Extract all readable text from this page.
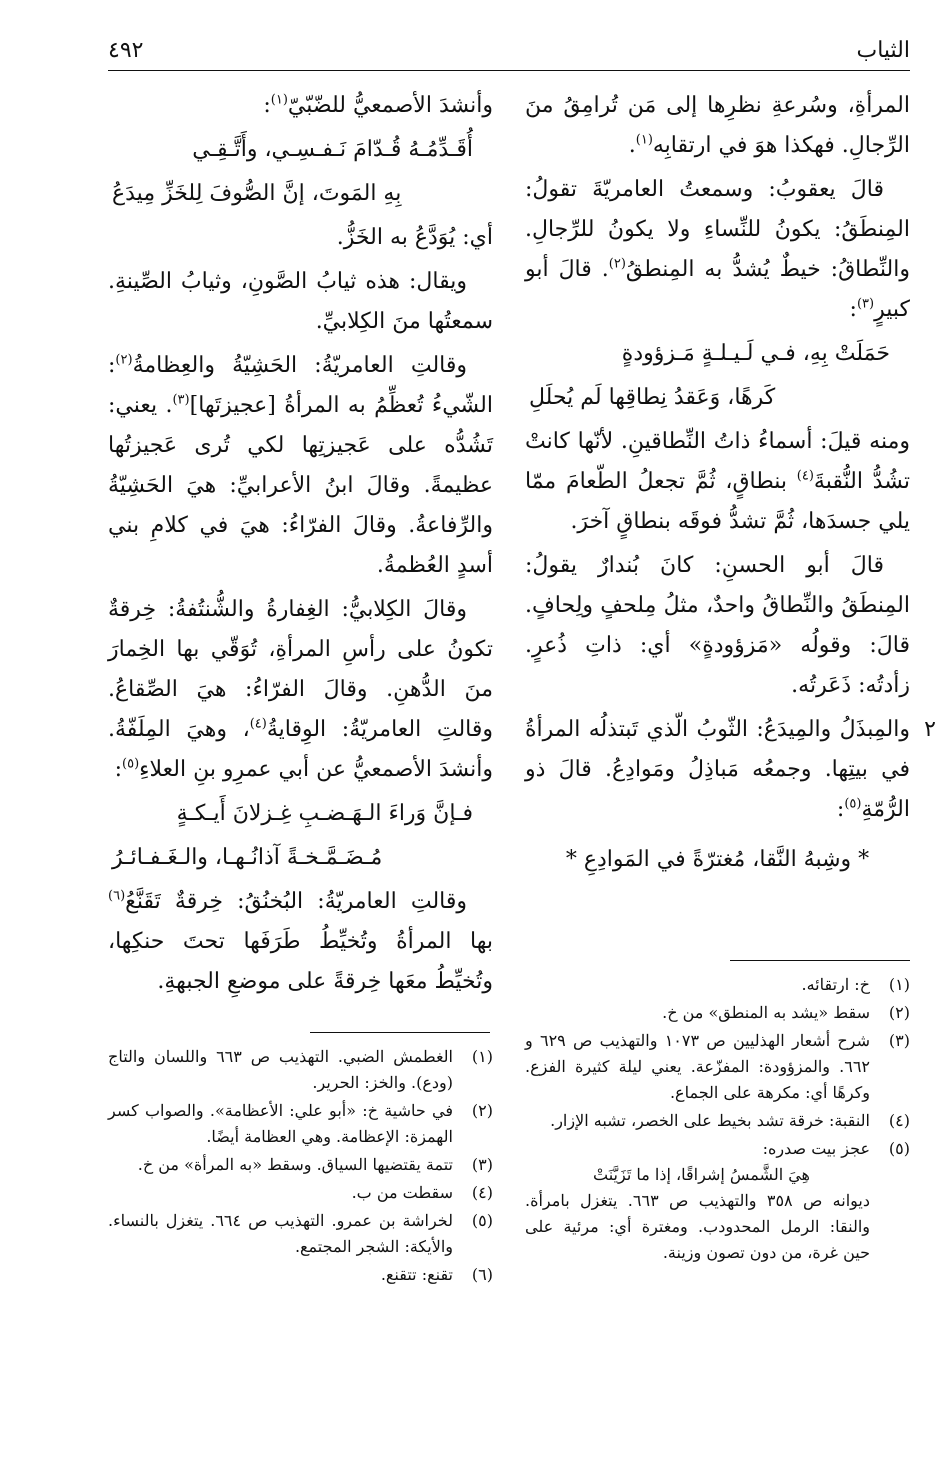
الثياب
٤٩٢

المرأةِ، وسُرعةِ نظرِها إلى مَن تُرامِقُ منَ الرِّجالِ. فهكذا هوَ في ارتقابِه$^{(١)}$.

قالَ يعقوبُ: وسمعتُ العامريّةَ تقولُ: المِنطَقُ: يكونُ للنِّساءِ ولا يكونُ للرِّجالِ. والنِّطاقُ: خيطٌ يُشدُّ به المِنطقُ$^{(٢)}$. قالَ أبو كبيرٍ$^{(٣)}$:

حَمَلَتْ بِهِ، فـي لَـيـلـةٍ مَـزؤودةٍ

كَرهًا، وَعَقدُ نِطاقِها لَم يُحلَلِ

ومنه قيلَ: أسماءُ ذاتُ النِّطاقينِ. لأنّها كانتْ تشُدُّ النُّقبةَ$^{(٤)}$ بنطاقٍ، ثُمَّ تجعلُ الطّعامَ ممّا يلي جسدَها، ثُمَّ تشدُّ فوقَه بنطاقٍ آخرَ.

قالَ أبو الحسنِ: كانَ بُندارٌ يقولُ: المِنطَقُ والنِّطاقُ واحدٌ، مثلُ مِلحفٍ ولِحافٍ. قالَ: وقولُه «مَزؤودةٍ» أي: ذاتِ ذُعرٍ. زأدتُه: ذَعَرتُه.

٢
والمِبذَلُ والمِيدَعُ: الثّوبُ الّذي تَبتذلُه المرأةُ في بيتِها. وجمعُه مَباذِلُ ومَوادِعُ. قالَ ذو الرُّمّةِ$^{(٥)}$:

* وشِبهُ النَّقا، مُغترّةً في المَوادِعِ *

(١)
خ: ارتقائه.
(٢)
سقط «يشد به المنطق» من خ.
(٣)
شرح أشعار الهذليين ص ١٠٧٣ والتهذيب ص ٦٢٩ و ٦٦٢. والمزؤودة: المفزّعة. يعني ليلة كثيرة الفزع. وكرهًا أي: مكرهة على الجماع.
(٤)
النقبة: خرقة تشد بخيط على الخصر، تشبه الإزار.
(٥)
عجز بيت صدره:
هِيَ الشَّمسُ إشراقًا، إذا ما تَزَيَّنَتْ
ديوانه ص ٣٥٨ والتهذيب ص ٦٦٣. يتغزل بامرأة. والنقا: الرمل المحدودب. ومغترة أي: مرئية على حين غرة، من دون تصون وزينة.

وأنشدَ الأصمعيُّ للضّبّيّ$^{(١)}$:

أُقَـدِّمُـهُ قُـدّامَ نَـفـسِـي، وأَتَّـقِـي

بِهِ المَوتَ، إنَّ الصُّوفَ لِلخَزِّ مِيدَعُ

أي: يُوَدَّعُ به الخَزُّ.

ويقال: هذه ثيابُ الصَّونِ، وثيابُ الصِّينةِ. سمعتُها منَ الكِلابيِّ.

وقالتِ العامريّةُ: الحَشِيّةُ والعِظامةُ$^{(٢)}$: الشّيءُ تُعظِّمُ به المرأةُ [عجيزتَها]$^{(٣)}$. يعني: تَشُدُّه على عَجيزتِها لكي تُرى عَجيزتُها عظيمةً. وقالَ ابنُ الأعرابيِّ: هيَ الحَشِيّةُ والرِّفاعةُ. وقالَ الفرّاءُ: هيَ في كلامِ بني أسدٍ العُظمةُ.

وقالَ الكِلابيُّ: الغِفارةُ والشُّنتُفةُ: خِرقةٌ تكونُ على رأسِ المرأةِ، تُوَقّي بها الخِمارَ منَ الدُّهنِ. وقالَ الفرّاءُ: هيَ الصِّقاعُ. وقالتِ العامريّةُ: الوِقايةُ$^{(٤)}$، وهيَ المِلَفّةُ. وأنشدَ الأصمعيُّ عن أبي عمرِو بنِ العلاءِ$^{(٥)}$:

فـإنَّ وَراءَ الـهَـضـبِ غِـزلانَ أَيـكـةٍ

مُـضَـمَّـخـةً آذانُـهـا، والـغَـفـائـرُ

وقالتِ العامريّةُ: البُخنُقُ: خِرقةٌ تَقَنَّعُ$^{(٦)}$ بها المرأةُ وتُخيِّطُ طَرَفَها تحتَ حنكِها، وتُخيِّطُ معَها خِرقةً على موضعِ الجبهةِ.

(١)
الغطمش الضبي. التهذيب ص ٦٦٣ واللسان والتاج (ودع). والخز: الحرير.
(٢)
في حاشية خ: «أبو علي: الأعظامة». والصواب كسر الهمزة: الإعظامة. وهي العظامة أيضًا.
(٣)
تتمة يقتضيها السياق. وسقط «به المرأة» من خ.
(٤)
سقطت من ب.
(٥)
لخراشة بن عمرو. التهذيب ص ٦٦٤. يتغزل بالنساء. والأيكة: الشجر المجتمع.
(٦)
تقنع: تتقنع.
